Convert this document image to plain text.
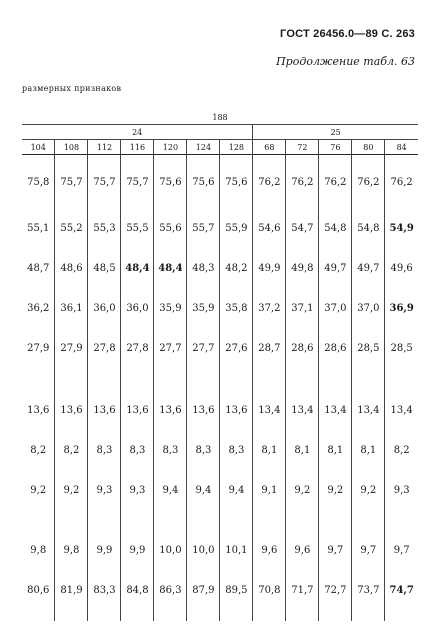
ГОСТ 26456.0—89 С. 263
Продолжение табл. 63
размерных признаков
188											
24							25				
104	108	112	116	120	124	128	68	72	76	80	84

75,8	75,7	75,7	75,7	75,6	75,6	75,6	76,2	76,2	76,2	76,2	76,2
55,1	55,2	55,3	55,5	55,6	55,7	55,9	54,6	54,7	54,8	54,8	54,9
48,7	48,6	48,5	48,4	48,4	48,3	48,2	49,9	49,8	49,7	49,7	49,6
36,2	36,1	36,0	36,0	35,9	35,9	35,8	37,2	37,1	37,0	37,0	36,9
27,9	27,9	27,8	27,8	27,7	27,7	27,6	28,7	28,6	28,6	28,5	28,5
13,6	13,6	13,6	13,6	13,6	13,6	13,6	13,4	13,4	13,4	13,4	13,4
8,2	8,2	8,3	8,3	8,3	8,3	8,3	8,1	8,1	8,1	8,1	8,2
9,2	9,2	9,3	9,3	9,4	9,4	9,4	9,1	9,2	9,2	9,2	9,3
9,8	9,8	9,9	9,9	10,0	10,0	10,1	9,6	9,6	9,7	9,7	9,7
80,6	81,9	83,3	84,8	86,3	87,9	89,5	70,8	71,7	72,7	73,7	74,7
